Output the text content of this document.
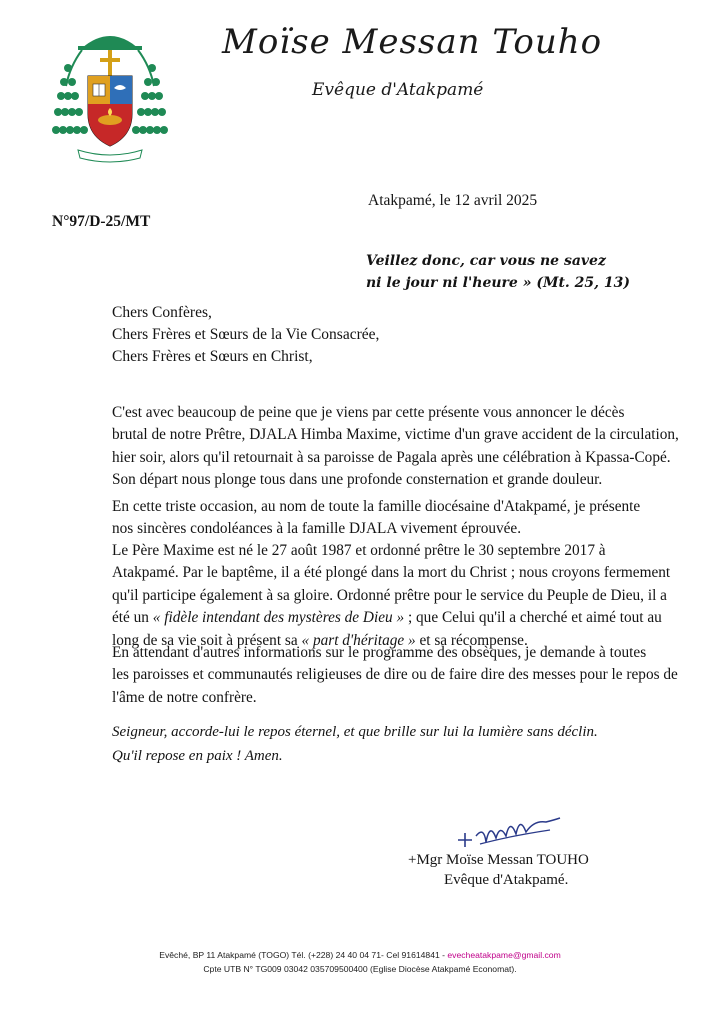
Moïse Messan Touho
Evêque d'Atakpamé
Atakpamé, le 12 avril 2025
N°97/D-25/MT
Veillez donc, car vous ne savez
ni le jour ni l'heure » (Mt. 25, 13)
Chers Confères,
Chers Frères et Sœurs de la Vie Consacrée,
Chers Frères et Sœurs en Christ,
C'est avec beaucoup de peine que je viens par cette présente vous annoncer le décès
brutal de notre Prêtre, DJALA Himba Maxime, victime d'un grave accident de la circulation,
hier soir, alors qu'il retournait à sa paroisse de Pagala après une célébration à Kpassa-Copé.
Son départ nous plonge tous dans une profonde consternation et grande douleur.
En cette triste occasion, au nom de toute la famille diocésaine d'Atakpamé, je présente
nos sincères condoléances à la famille DJALA vivement éprouvée.
Le Père Maxime est né le 27 août 1987 et ordonné prêtre le 30 septembre 2017 à
Atakpamé. Par le baptême, il a été plongé dans la mort du Christ ; nous croyons fermement
qu'il participe également à sa gloire. Ordonné prêtre pour le service du Peuple de Dieu, il a
été un « fidèle intendant des mystères de Dieu » ; que Celui qu'il a cherché et aimé tout au
long de sa vie soit à présent sa « part d'héritage » et sa récompense.
En attendant d'autres informations sur le programme des obsèques, je demande à toutes
les paroisses et communautés religieuses de dire ou de faire dire des messes pour le repos de
l'âme de notre confrère.
Seigneur, accorde-lui le repos éternel, et que brille sur lui la lumière sans déclin.
Qu'il repose en paix ! Amen.
+Mgr Moïse Messan TOUHO
Evêque d'Atakpamé.
Evêché, BP 11 Atakpamé (TOGO) Tél. (+228) 24 40 04 71- Cel 91614841 - evecheatakpame@gmail.com
Cpte UTB N° TG009 03042 035709500400 (Eglise Diocèse Atakpamé Economat).
